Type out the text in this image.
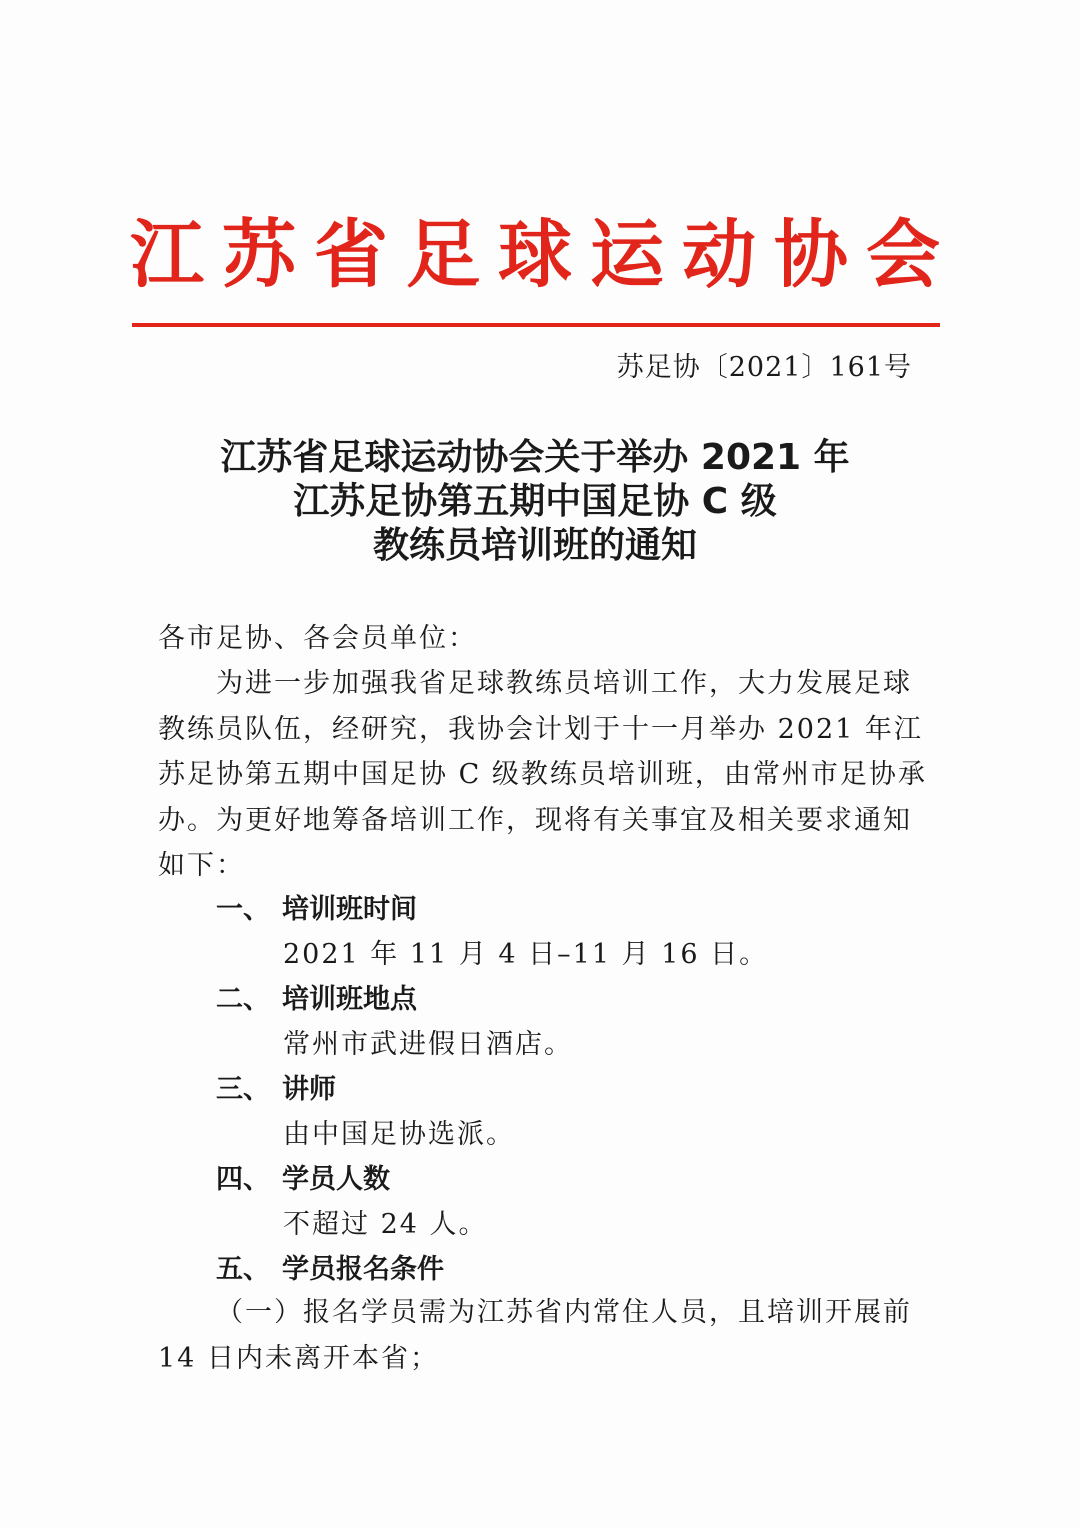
江 苏 省 足 球 运 动 协 会
苏足协〔2021〕161号
江苏省足球运动协会关于举办 2021 年
江苏足协第五期中国足协 C 级
教练员培训班的通知
各市足协、各会员单位：
为进一步加强我省足球教练员培训工作，大力发展足球
教练员队伍，经研究，我协会计划于十一月举办 2021 年江
苏足协第五期中国足协 C 级教练员培训班，由常州市足协承
办。为更好地筹备培训工作，现将有关事宜及相关要求通知
如下：
一、 培训班时间
2021 年 11 月 4 日–11 月 16 日。
二、 培训班地点
常州市武进假日酒店。
三、 讲师
由中国足协选派。
四、 学员人数
不超过 24 人。
五、 学员报名条件
（一）报名学员需为江苏省内常住人员，且培训开展前
14 日内未离开本省；
